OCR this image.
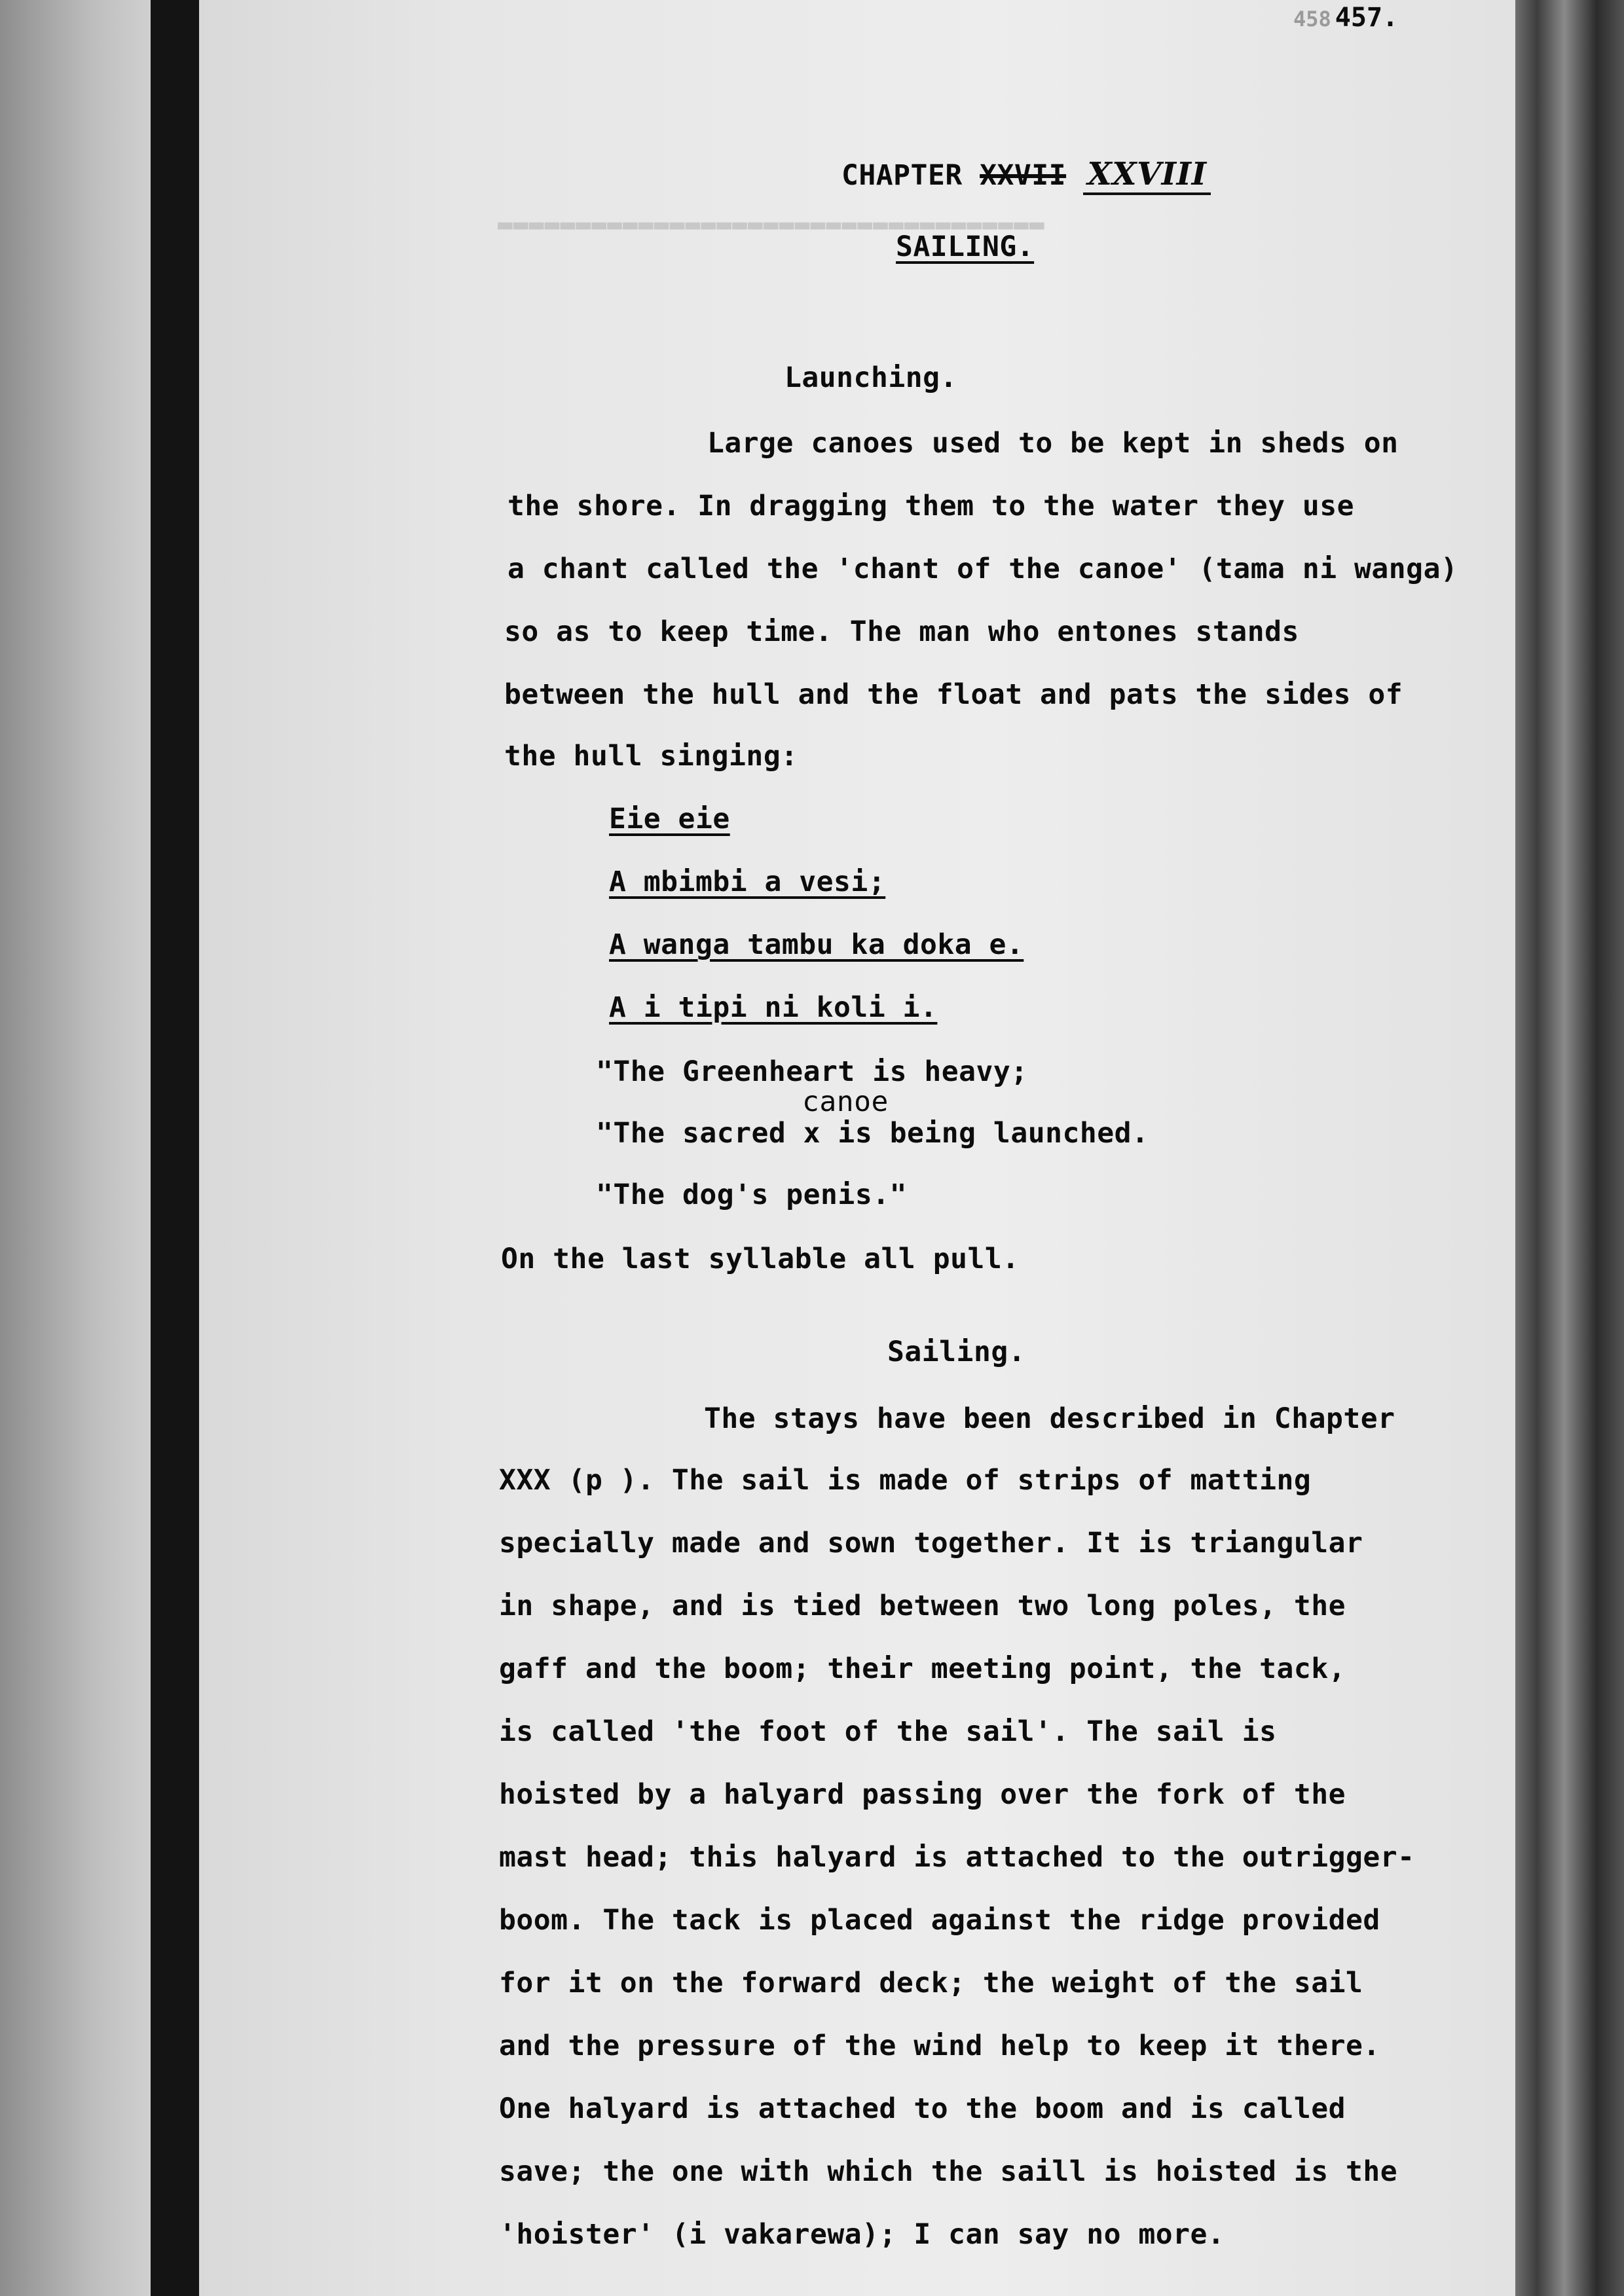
▬▬▬▬▬▬▬▬▬▬▬▬▬▬▬▬▬▬▬▬▬▬▬▬▬▬▬▬▬▬▬▬▬▬▬
458 457.
CHAPTER XXVII XXVIII
SAILING.
Launching.
Large canoes used to be kept in sheds on
the shore. In dragging them to the water they use
a chant called the 'chant of the canoe' (tama ni wanga)
so as to keep time. The man who entones stands
between the hull and the float and pats the sides of
the hull singing:
Eie eie
A mbimbi a vesi;
A wanga tambu ka doka e.
A i tipi ni koli i.
"The Greenheart is heavy;
canoe
"The sacred x is being launched.
"The dog's penis."
On the last syllable all pull.
Sailing.
The stays have been described in Chapter
XXX (p ). The sail is made of strips of matting
specially made and sown together. It is triangular
in shape, and is tied between two long poles, the
gaff and the boom; their meeting point, the tack,
is called 'the foot of the sail'. The sail is
hoisted by a halyard passing over the fork of the
mast head; this halyard is attached to the outrigger-
boom. The tack is placed against the ridge provided
for it on the forward deck; the weight of the sail
and the pressure of the wind help to keep it there.
One halyard is attached to the boom and is called
save; the one with which the saill is hoisted is the
'hoister' (i vakarewa); I can say no more.
